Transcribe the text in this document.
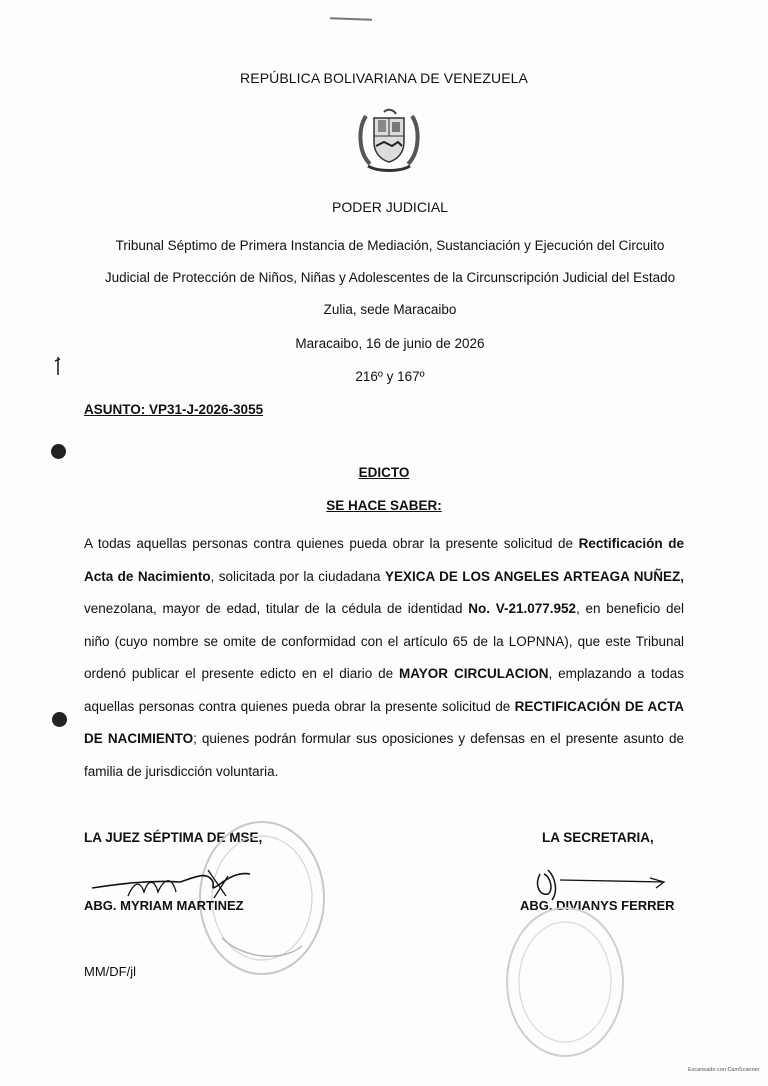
REPÚBLICA BOLIVARIANA DE VENEZUELA
PODER JUDICIAL
Tribunal Séptimo de Primera Instancia de Mediación, Sustanciación y Ejecución del Circuito
Judicial de Protección de Niños, Niñas y Adolescentes de la Circunscripción Judicial del Estado
Zulia, sede Maracaibo
Maracaibo, 16 de junio de 2026
216º y 167º
ASUNTO: VP31-J-2026-3055
EDICTO
SE HACE SABER:
A todas aquellas personas contra quienes pueda obrar la presente solicitud de Rectificación de Acta de Nacimiento, solicitada por la ciudadana YEXICA DE LOS ANGELES ARTEAGA NUÑEZ, venezolana, mayor de edad, titular de la cédula de identidad No. V-21.077.952, en beneficio del niño (cuyo nombre se omite de conformidad con el artículo 65 de la LOPNNA), que este Tribunal ordenó publicar el presente edicto en el diario de MAYOR CIRCULACION, emplazando a todas aquellas personas contra quienes pueda obrar la presente solicitud de RECTIFICACIÓN DE ACTA DE NACIMIENTO; quienes podrán formular sus oposiciones y defensas en el presente asunto de familia de jurisdicción voluntaria.
LA JUEZ SÉPTIMA DE MSE,	LA SECRETARIA,
ABG. MYRIAM MARTINEZ	ABG. DIVIANYS FERRER
MM/DF/jl
Escaneado con CamScanner
